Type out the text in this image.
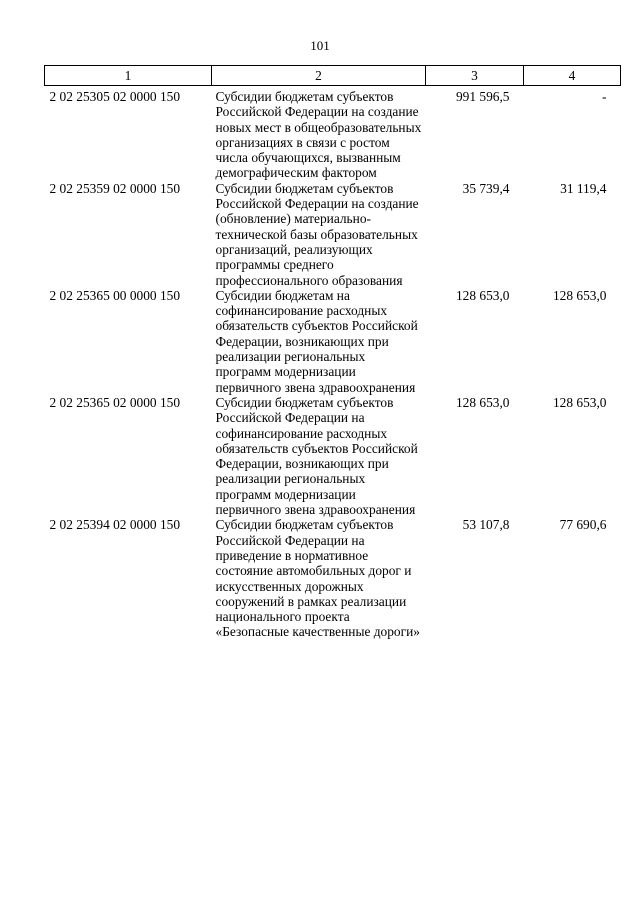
101
1	2	3	4
2 02 25305 02 0000 150	Субсидии бюджетам субъектов Российской Федерации на создание новых мест в общеобразовательных организациях в связи с ростом числа обучающихся, вызванным демографическим фактором	991 596,5	-
2 02 25359 02 0000 150	Субсидии бюджетам субъектов Российской Федерации на создание (обновление) материально-технической базы образовательных организаций, реализующих программы среднего профессионального образования	35 739,4	31 119,4
2 02 25365 00 0000 150	Субсидии бюджетам на софинансирование расходных обязательств субъектов Российской Федерации, возникающих при реализации региональных программ модернизации первичного звена здравоохранения	128 653,0	128 653,0
2 02 25365 02 0000 150	Субсидии бюджетам субъектов Российской Федерации на софинансирование расходных обязательств субъектов Российской Федерации, возникающих при реализации региональных программ модернизации первичного звена здравоохранения	128 653,0	128 653,0
2 02 25394 02 0000 150	Субсидии бюджетам субъектов Российской Федерации на приведение в нормативное состояние автомобильных дорог и искусственных дорожных сооружений в рамках реализации национального проекта «Безопасные качественные дороги»	53 107,8	77 690,6
